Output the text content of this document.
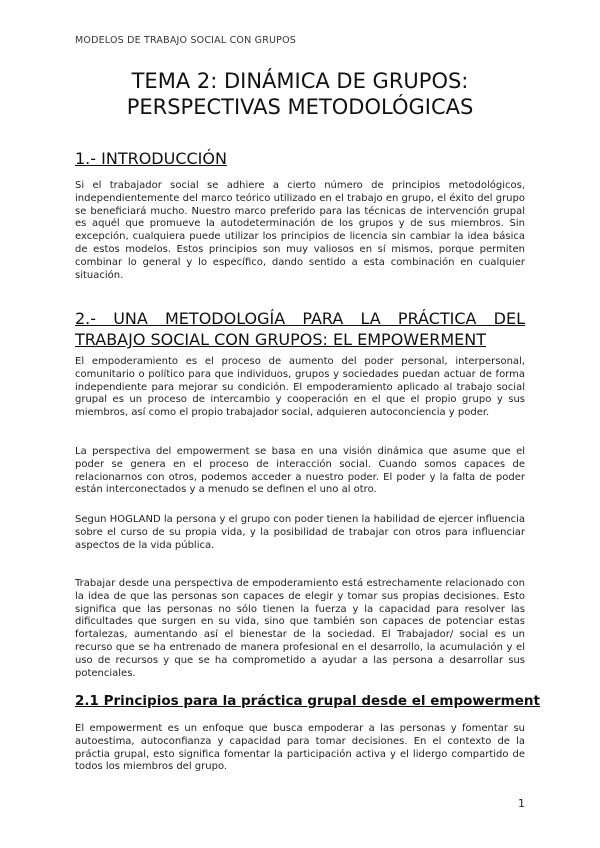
MODELOS DE TRABAJO SOCIAL CON GRUPOS
TEMA 2: DINÁMICA DE GRUPOS:
PERSPECTIVAS METODOLÓGICAS
1.- INTRODUCCIÓN

Si el trabajador social se adhiere a cierto número de principios metodológicos, independientemente del marco teórico utilizado en el trabajo en grupo, el éxito del grupo se beneficiará mucho. Nuestro marco preferido para las técnicas de intervención grupal es aquél que promueve la autodeterminación de los grupos y de sus miembros. Sin excepción, cualquiera puede utilizar los principios de licencia sin cambiar la idea básica de estos modelos. Estos principios son muy valiosos en sí mismos, porque permiten combinar lo general y lo específico, dando sentido a esta combinación en cualquier situación.

2.- UNA METODOLOGÍA PARA LA PRÁCTICA DEL TRABAJO SOCIAL CON GRUPOS: EL EMPOWERMENT

El empoderamiento es el proceso de aumento del poder personal, interpersonal, comunitario o político para que individuos, grupos y sociedades puedan actuar de forma independiente para mejorar su condición. El empoderamiento aplicado al trabajo social grupal es un proceso de intercambio y cooperación en el que el propio grupo y sus miembros, así como el propio trabajador social, adquieren autoconciencia y poder.

La perspectiva del empowerment se basa en una visión dinámica que asume que el poder se genera en el proceso de interacción social. Cuando somos capaces de relacionarnos con otros, podemos acceder a nuestro poder. El poder y la falta de poder están interconectados y a menudo se definen el uno al otro.

Segun HOGLAND la persona y el grupo con poder tienen la habilidad de ejercer influencia sobre el curso de su propia vida, y la posibilidad de trabajar con otros para influenciar aspectos de la vida pública.

Trabajar desde una perspectiva de empoderamiento está estrechamente relacionado con la idea de que las personas son capaces de elegir y tomar sus propias decisiones. Esto significa que las personas no sólo tienen la fuerza y la capacidad para resolver las dificultades que surgen en su vida, sino que también son capaces de potenciar estas fortalezas, aumentando así el bienestar de la sociedad. El Trabajador/ social es un recurso que se ha entrenado de manera profesional en el desarrollo, la acumulación y el uso de recursos y que se ha comprometido a ayudar a las persona a desarrollar sus potenciales.

2.1 Principios para la práctica grupal desde el empowerment

El empowerment es un enfoque que busca empoderar a las personas y fomentar su autoestima, autoconfianza y capacidad para tomar decisiones. En el contexto de la práctia grupal, esto significa fomentar la participación activa y el lidergo compartido de todos los miembros del grupo.

1
